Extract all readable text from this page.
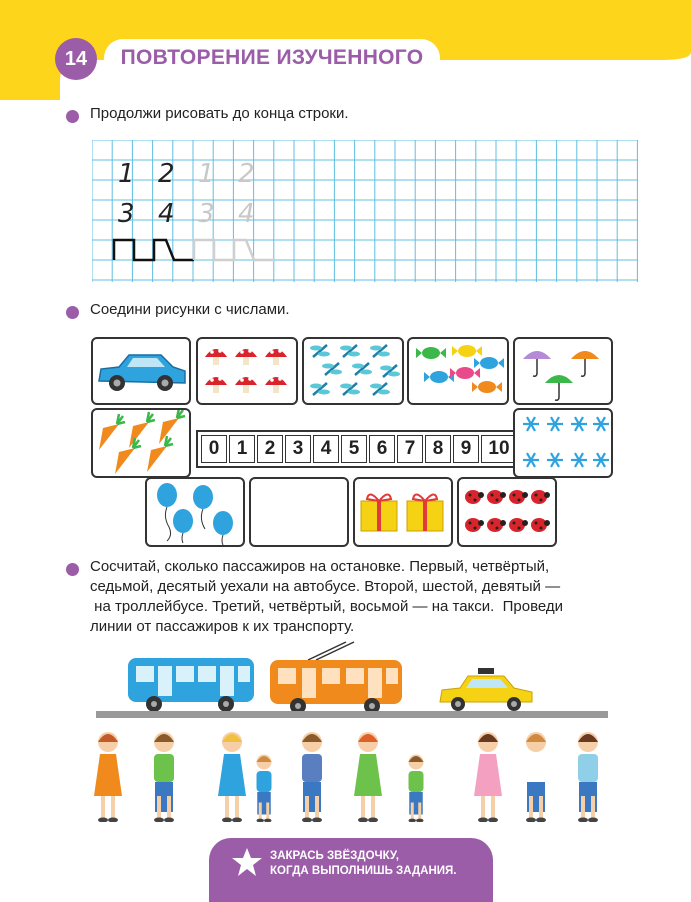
14 ПОВТОРЕНИЕ ИЗУЧЕННОГО
Продолжи рисовать до конца строки.
1 2 1 2
3 4 3 4
Соедини рисунки с числами.
0 1 2 3 4 5 6 7 8 9 10
Сосчитай, сколько пассажиров на остановке. Первый, четвёртый,
седьмой, десятый уехали на автобусе. Второй, шестой, девятый —
на троллейбусе. Третий, четвёртый, восьмой — на такси.  Проведи
линии от пассажиров к их транспорту.
ЗАКРАСЬ ЗВЁЗДОЧКУ,
КОГДА ВЫПОЛНИШЬ ЗАДАНИЯ.
